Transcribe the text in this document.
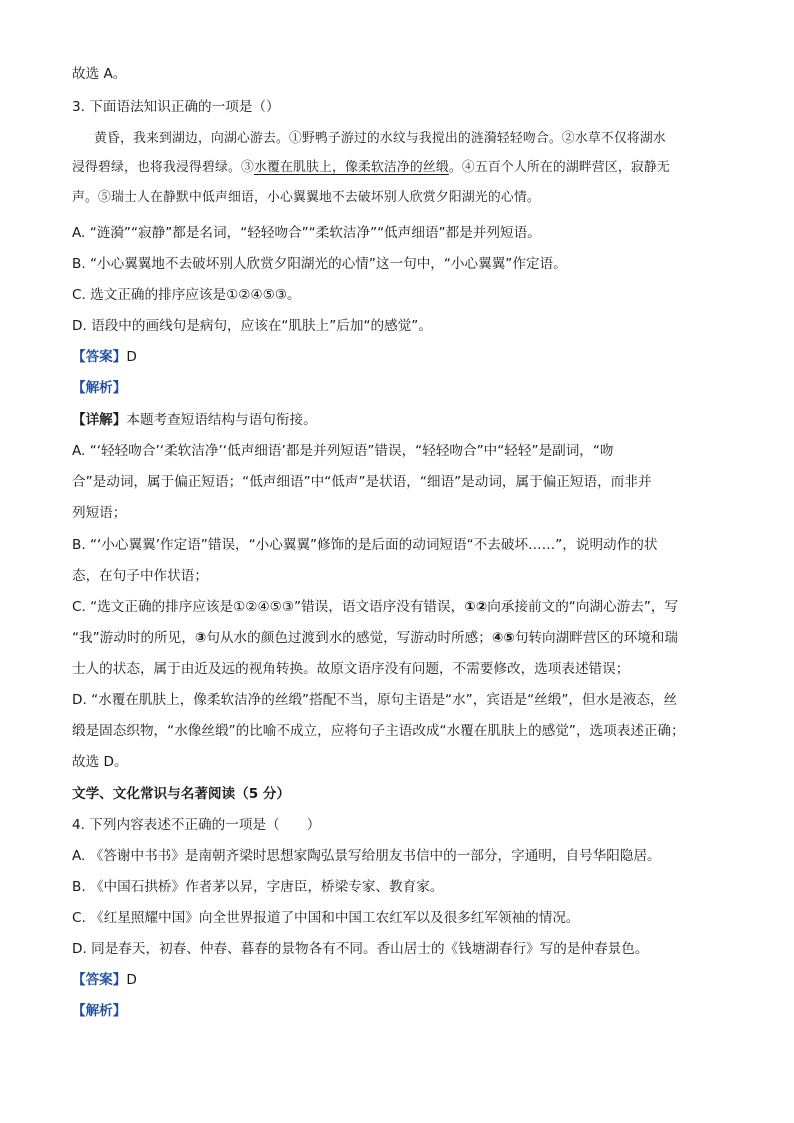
故选 A。
3. 下面语法知识正确的一项是（）
黄昏，我来到湖边，向湖心游去。①野鸭子游过的水纹与我搅出的涟漪轻轻吻合。②水草不仅将湖水
浸得碧绿，也将我浸得碧绿。③水覆在肌肤上，像柔软洁净的丝缎。④五百个人所在的湖畔营区，寂静无
声。⑤瑞士人在静默中低声细语，小心翼翼地不去破坏别人欣赏夕阳湖光的心情。
A. “涟漪”“寂静”都是名词，“轻轻吻合”“柔软洁净”“低声细语”都是并列短语。
B. “小心翼翼地不去破坏别人欣赏夕阳湖光的心情”这一句中，“小心翼翼”作定语。
C. 选文正确的排序应该是①②④⑤③。
D. 语段中的画线句是病句，应该在“肌肤上”后加“的感觉”。
【答案】D
【解析】
【详解】本题考查短语结构与语句衔接。
A. “‘轻轻吻合’‘柔软洁净’‘低声细语’都是并列短语”错误，“轻轻吻合”中“轻轻”是副词，“吻
合”是动词，属于偏正短语；“低声细语”中“低声”是状语，“细语”是动词，属于偏正短语，而非并
列短语；
B. “‘小心翼翼’作定语”错误，“小心翼翼”修饰的是后面的动词短语“不去破坏……”，说明动作的状
态，在句子中作状语；
C. “选文正确的排序应该是①②④⑤③”错误，语文语序没有错误，①②向承接前文的“向湖心游去”，写
“我”游动时的所见，③句从水的颜色过渡到水的感觉，写游动时所感；④⑤句转向湖畔营区的环境和瑞
士人的状态，属于由近及远的视角转换。故原文语序没有问题，不需要修改，选项表述错误；
D. “水覆在肌肤上，像柔软洁净的丝缎”搭配不当，原句主语是“水”，宾语是“丝缎”，但水是液态，丝
缎是固态织物，“水像丝缎”的比喻不成立，应将句子主语改成“水覆在肌肤上的感觉”，选项表述正确；
故选 D。
文学、文化常识与名著阅读（5 分）
4. 下列内容表述不正确的一项是（　　）
A. 《答谢中书书》是南朝齐梁时思想家陶弘景写给朋友书信中的一部分，字通明，自号华阳隐居。
B. 《中国石拱桥》作者茅以昇，字唐臣，桥梁专家、教育家。
C. 《红星照耀中国》向全世界报道了中国和中国工农红军以及很多红军领袖的情况。
D. 同是春天，初春、仲春、暮春的景物各有不同。香山居士的《钱塘湖春行》写的是仲春景色。
【答案】D
【解析】
